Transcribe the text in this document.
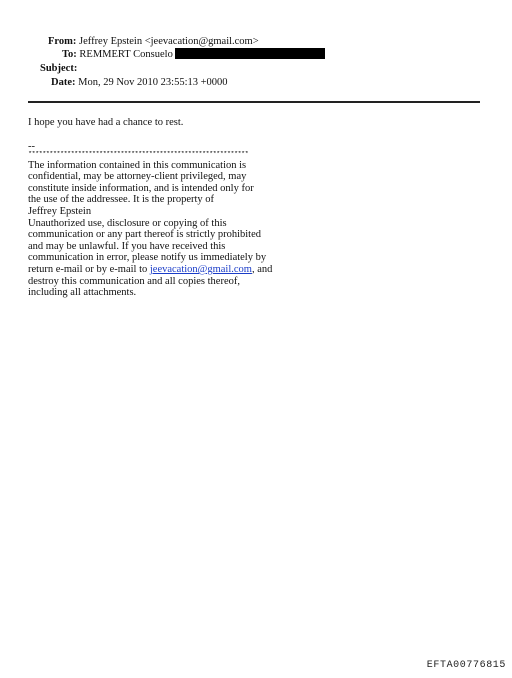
From: Jeffrey Epstein <jeevacation@gmail.com>
To: REMMERT Consuelo
Subject:
Date: Mon, 29 Nov 2010 23:55:13 +0000

I hope you have had a chance to rest.

--

**************************************************************

The information contained in this communication is

confidential, may be attorney-client privileged, may

constitute inside information, and is intended only for

the use of the addressee. It is the property of

Jeffrey Epstein

Unauthorized use, disclosure or copying of this

communication or any part thereof is strictly prohibited

and may be unlawful. If you have received this

communication in error, please notify us immediately by

return e-mail or by e-mail to jeevacation@gmail.com, and

destroy this communication and all copies thereof,

including all attachments.

EFTA00776815
